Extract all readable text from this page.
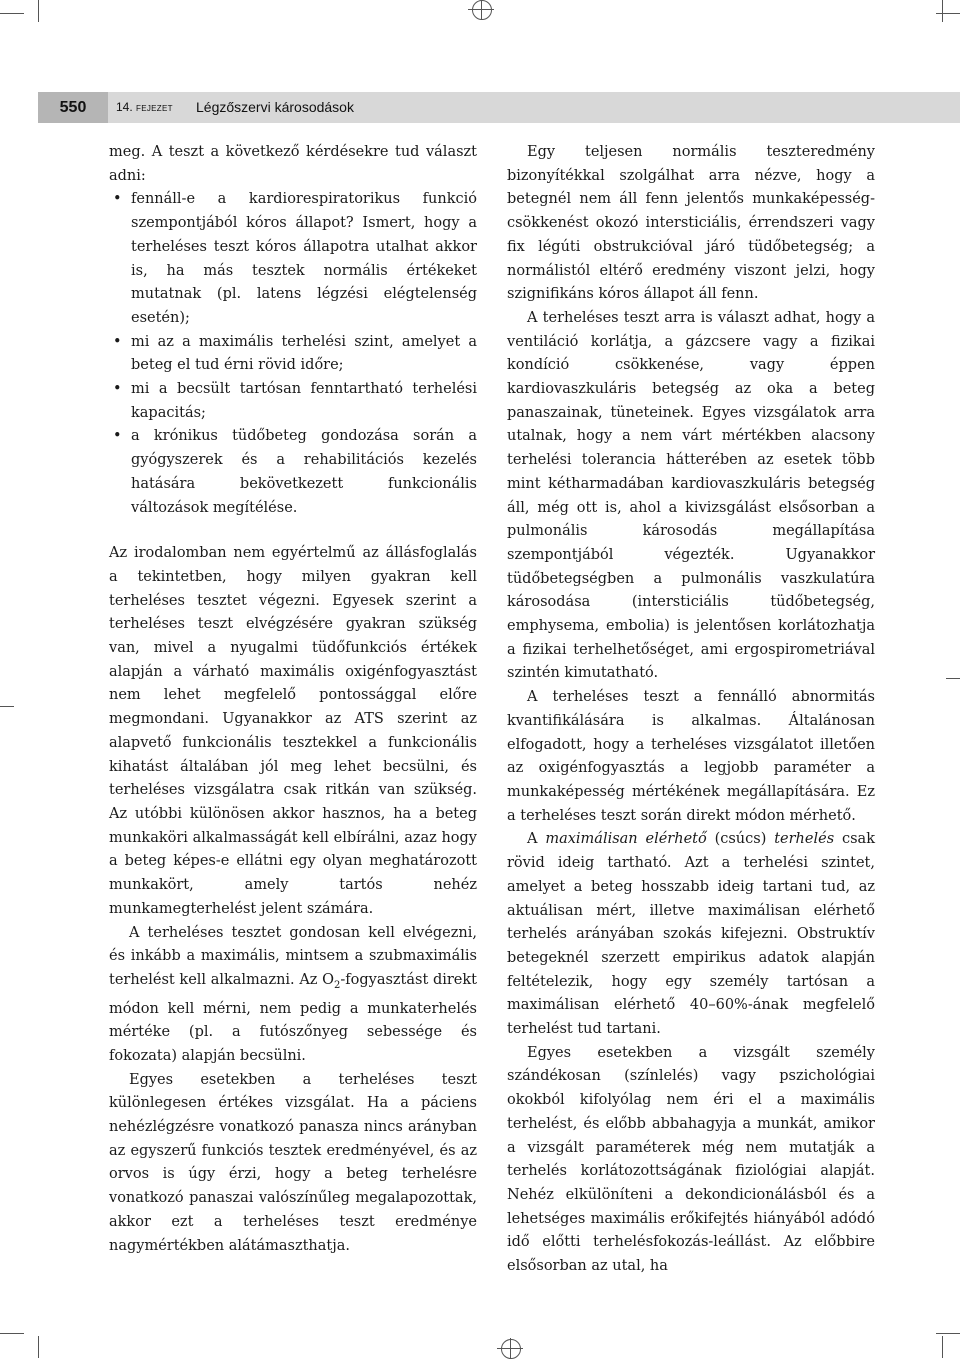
550	14. FEJEZET Légzőszervi károsodások

meg. A teszt a következő kérdésekre tud választ adni:

• fennáll-e a kardiorespiratorikus funkció szempontjából kóros állapot? Ismert, hogy a terheléses teszt kóros állapotra utalhat akkor is, ha más tesztek normális értékeket mutatnak (pl. latens légzési elégtelenség esetén);
• mi az a maximális terhelési szint, amelyet a beteg el tud érni rövid időre;
• mi a becsült tartósan fenntartható terhelési kapacitás;
• a krónikus tüdőbeteg gondozása során a gyógyszerek és a rehabilitációs kezelés hatására bekövetkezett funkcionális változások megítélése.

Az irodalomban nem egyértelmű az állásfoglalás a tekintetben, hogy milyen gyakran kell terheléses tesztet végezni. Egyesek szerint a terheléses teszt elvégzésére gyakran szükség van, mivel a nyugalmi tüdőfunkciós értékek alapján a várható maximális oxigénfogyasztást nem lehet megfelelő pontossággal előre megmondani. Ugyanakkor az ATS szerint az alapvető funkcionális tesztekkel a funkcionális kihatást általában jól meg lehet becsülni, és terheléses vizsgálatra csak ritkán van szükség. Az utóbbi különösen akkor hasznos, ha a beteg munkaköri alkalmasságát kell elbírálni, azaz hogy a beteg képes-e ellátni egy olyan meghatározott munkakört, amely tartós nehéz munkamegterhelést jelent számára.

A terheléses tesztet gondosan kell elvégezni, és inkább a maximális, mintsem a szubmaximális terhelést kell alkalmazni. Az $O_2$-fogyasztást direkt módon kell mérni, nem pedig a munkaterhelés mértéke (pl. a futószőnyeg sebessége és fokozata) alapján becsülni.

Egyes esetekben a terheléses teszt különlegesen értékes vizsgálat. Ha a páciens nehézlégzésre vonatkozó panasza nincs arányban az egyszerű funkciós tesztek eredményével, és az orvos is úgy érzi, hogy a beteg terhelésre vonatkozó panaszai valószínűleg megalapozottak, akkor ezt a terheléses teszt eredménye nagymértékben alátámaszthatja.

Egy teljesen normális teszteredmény bizonyítékkal szolgálhat arra nézve, hogy a betegnél nem áll fenn jelentős munkaképesség-csökkenést okozó intersticiális, érrendszeri vagy fix légúti obstrukcióval járó tüdőbetegség; a normálistól eltérő eredmény viszont jelzi, hogy szignifikáns kóros állapot áll fenn.

A terheléses teszt arra is választ adhat, hogy a ventiláció korlátja, a gázcsere vagy a fizikai kondíció csökkenése, vagy éppen kardiovaszkuláris betegség az oka a beteg panaszainak, tüneteinek. Egyes vizsgálatok arra utalnak, hogy a nem várt mértékben alacsony terhelési tolerancia hátterében az esetek több mint kétharmadában kardiovaszkuláris betegség áll, még ott is, ahol a kivizsgálást elsősorban a pulmonális károsodás megállapítása szempontjából végezték. Ugyanakkor tüdőbetegségben a pulmonális vaszkulatúra károsodása (intersticiális tüdőbetegség, emphysema, embolia) is jelentősen korlátozhatja a fizikai terhelhetőséget, ami ergospirometriával szintén kimutatható.

A terheléses teszt a fennálló abnormitás kvantifikálására is alkalmas. Általánosan elfogadott, hogy a terheléses vizsgálatot illetően az oxigénfogyasztás a legjobb paraméter a munkaképesség mértékének megállapítására. Ez a terheléses teszt során direkt módon mérhető.

A maximálisan elérhető (csúcs) terhelés csak rövid ideig tartható. Azt a terhelési szintet, amelyet a beteg hosszabb ideig tartani tud, az aktuálisan mért, illetve maximálisan elérhető terhelés arányában szokás kifejezni. Obstruktív betegeknél szerzett empirikus adatok alapján feltételezik, hogy egy személy tartósan a maximálisan elérhető 40–60%-ának megfelelő terhelést tud tartani.

Egyes esetekben a vizsgált személy szándékosan (színlelés) vagy pszichológiai okokból kifolyólag nem éri el a maximális terhelést, és előbb abbahagyja a munkát, amikor a vizsgált paraméterek még nem mutatják a terhelés korlátozottságának fiziológiai alapját. Nehéz elkülöníteni a dekondicionálásból és a lehetséges maximális erőkifejtés hiányából adódó idő előtti terhelésfokozás-leállást. Az előbbire elsősorban az utal, ha
